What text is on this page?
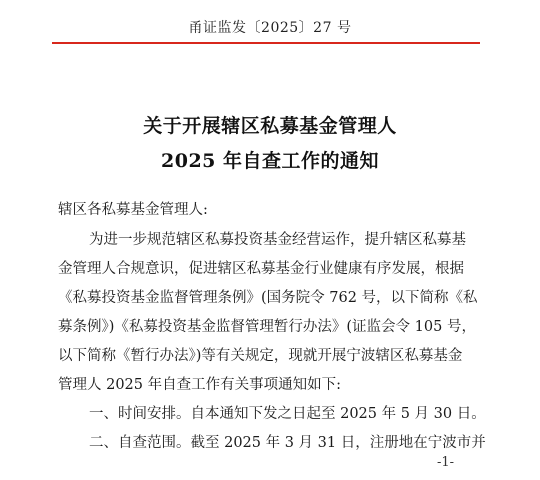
甬证监发〔2025〕27 号
关于开展辖区私募基金管理人
2025 年自查工作的通知
辖区各私募基金管理人:
为进一步规范辖区私募投资基金经营运作，提升辖区私募基
金管理人合规意识，促进辖区私募基金行业健康有序发展，根据
《私募投资基金监督管理条例》(国务院令 762 号，以下简称《私
募条例》)《私募投资基金监督管理暂行办法》(证监会令 105 号，
以下简称《暂行办法》)等有关规定，现就开展宁波辖区私募基金
管理人 2025 年自查工作有关事项通知如下:
一、时间安排。自本通知下发之日起至 2025 年 5 月 30 日。
二、自查范围。截至 2025 年 3 月 31 日，注册地在宁波市并
-1-
